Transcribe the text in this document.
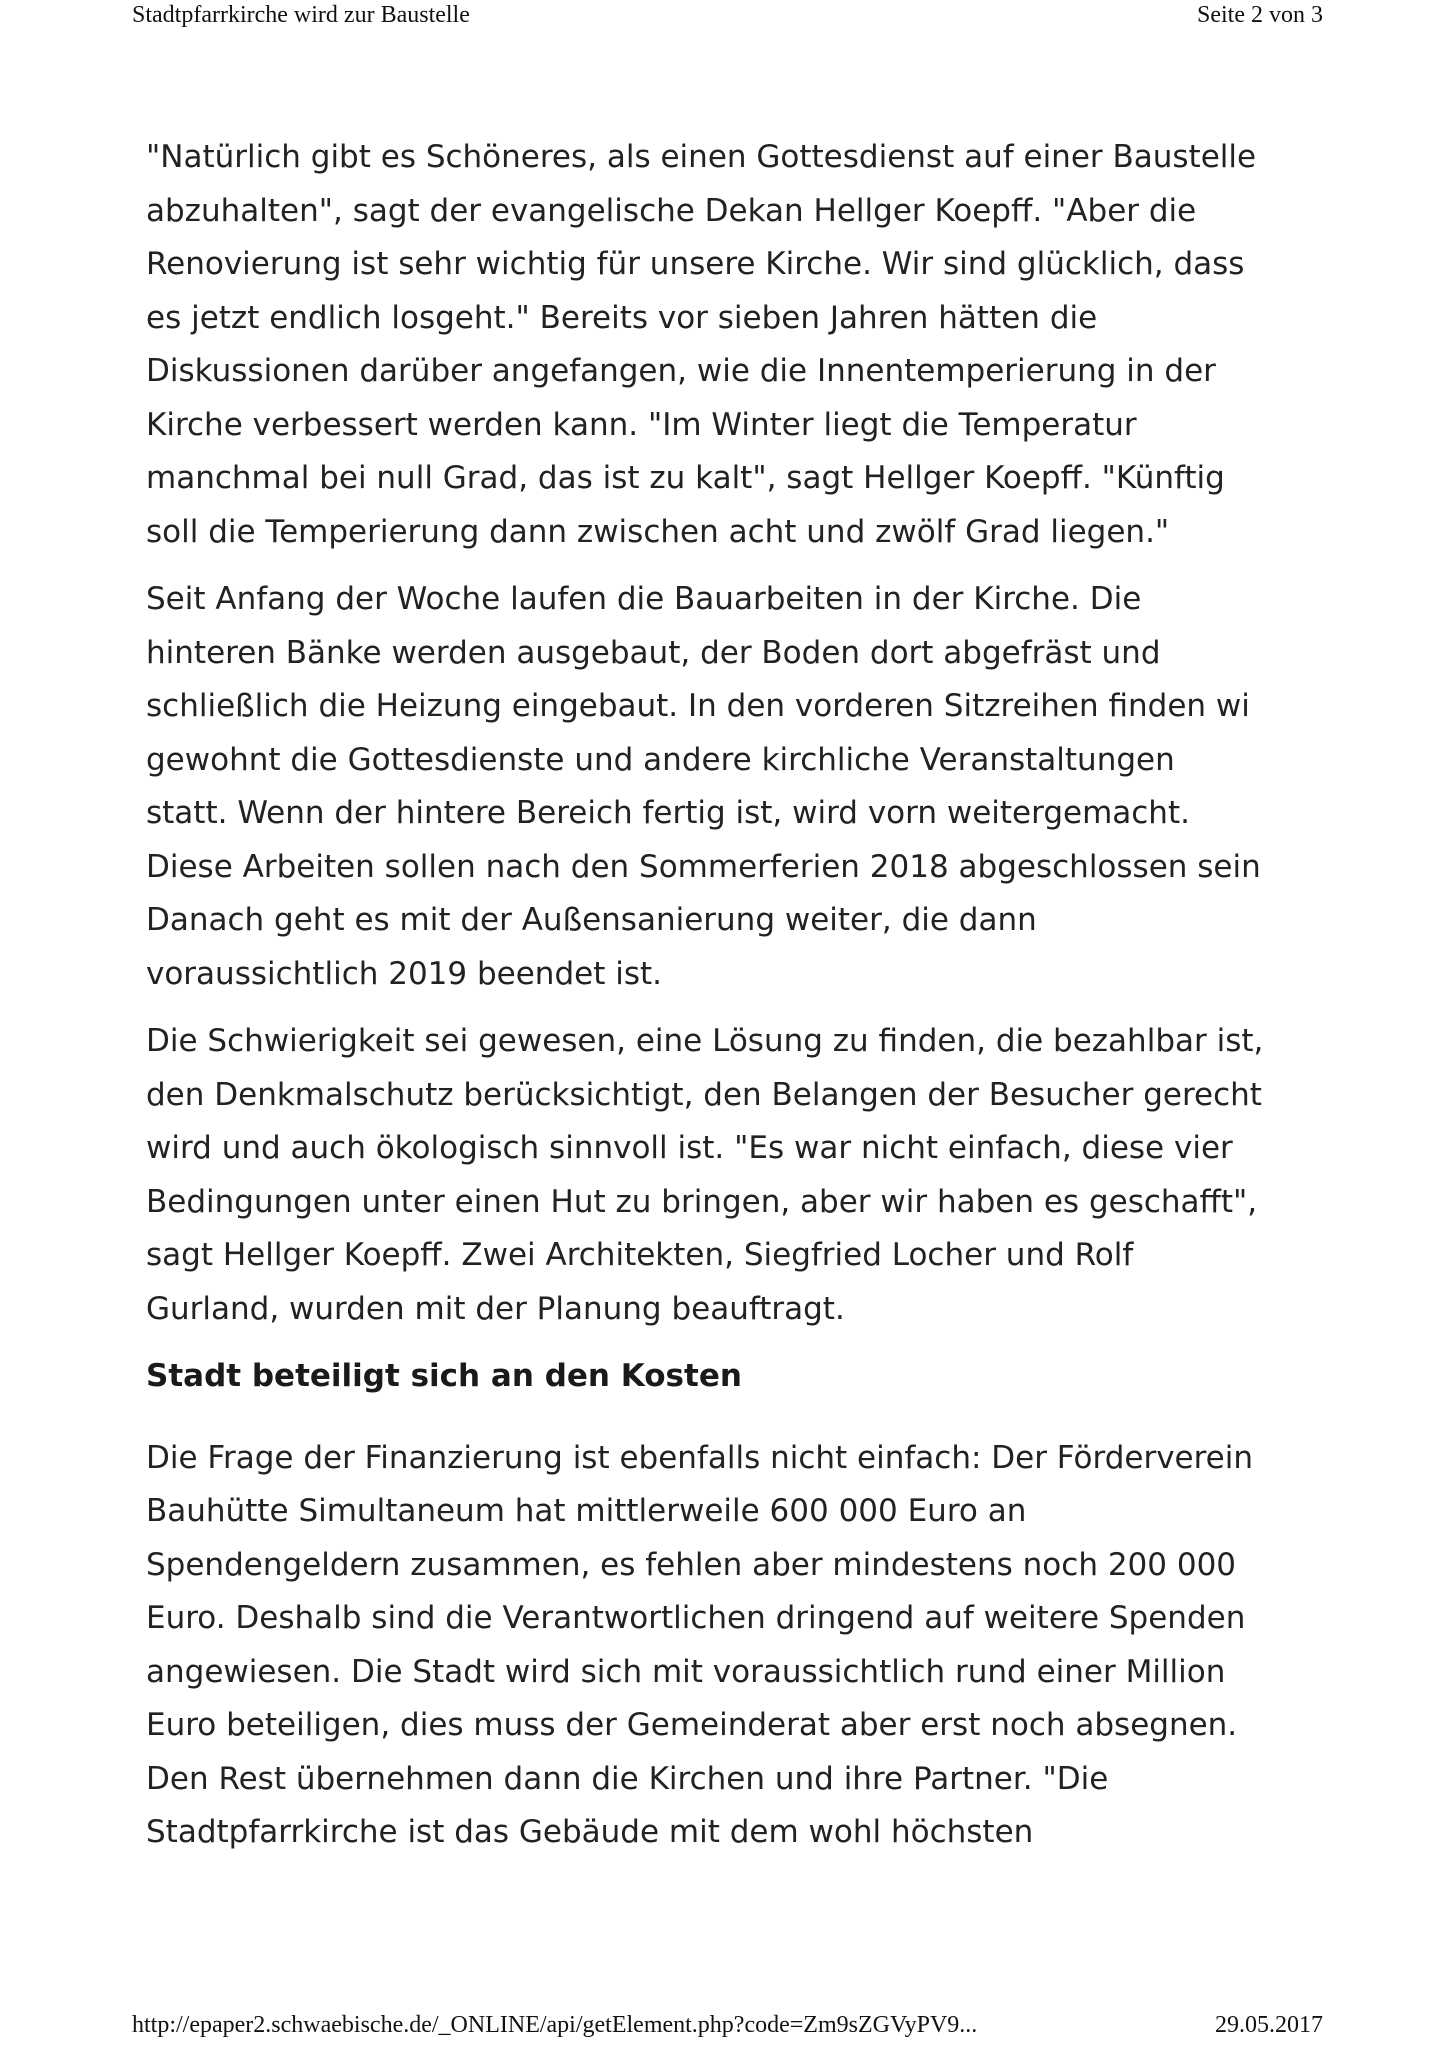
Stadtpfarrkirche wird zur Baustelle	Seite 2 von 3

"Natürlich gibt es Schöneres, als einen Gottesdienst auf einer Baustelle
abzuhalten", sagt der evangelische Dekan Hellger Koepff. "Aber die
Renovierung ist sehr wichtig für unsere Kirche. Wir sind glücklich, dass
es jetzt endlich losgeht." Bereits vor sieben Jahren hätten die
Diskussionen darüber angefangen, wie die Innentemperierung in der
Kirche verbessert werden kann. "Im Winter liegt die Temperatur
manchmal bei null Grad, das ist zu kalt", sagt Hellger Koepff. "Künftig
soll die Temperierung dann zwischen acht und zwölf Grad liegen."

Seit Anfang der Woche laufen die Bauarbeiten in der Kirche. Die
hinteren Bänke werden ausgebaut, der Boden dort abgefräst und
schließlich die Heizung eingebaut. In den vorderen Sitzreihen finden wi
gewohnt die Gottesdienste und andere kirchliche Veranstaltungen
statt. Wenn der hintere Bereich fertig ist, wird vorn weitergemacht.
Diese Arbeiten sollen nach den Sommerferien 2018 abgeschlossen sein
Danach geht es mit der Außensanierung weiter, die dann
voraussichtlich 2019 beendet ist.

Die Schwierigkeit sei gewesen, eine Lösung zu finden, die bezahlbar ist,
den Denkmalschutz berücksichtigt, den Belangen der Besucher gerecht
wird und auch ökologisch sinnvoll ist. "Es war nicht einfach, diese vier
Bedingungen unter einen Hut zu bringen, aber wir haben es geschafft",
sagt Hellger Koepff. Zwei Architekten, Siegfried Locher und Rolf
Gurland, wurden mit der Planung beauftragt.

Stadt beteiligt sich an den Kosten

Die Frage der Finanzierung ist ebenfalls nicht einfach: Der Förderverein
Bauhütte Simultaneum hat mittlerweile 600 000 Euro an
Spendengeldern zusammen, es fehlen aber mindestens noch 200 000
Euro. Deshalb sind die Verantwortlichen dringend auf weitere Spenden
angewiesen. Die Stadt wird sich mit voraussichtlich rund einer Million
Euro beteiligen, dies muss der Gemeinderat aber erst noch absegnen.
Den Rest übernehmen dann die Kirchen und ihre Partner. "Die
Stadtpfarrkirche ist das Gebäude mit dem wohl höchsten

http://epaper2.schwaebische.de/_ONLINE/api/getElement.php?code=Zm9sZGVyPV9...	29.05.2017
